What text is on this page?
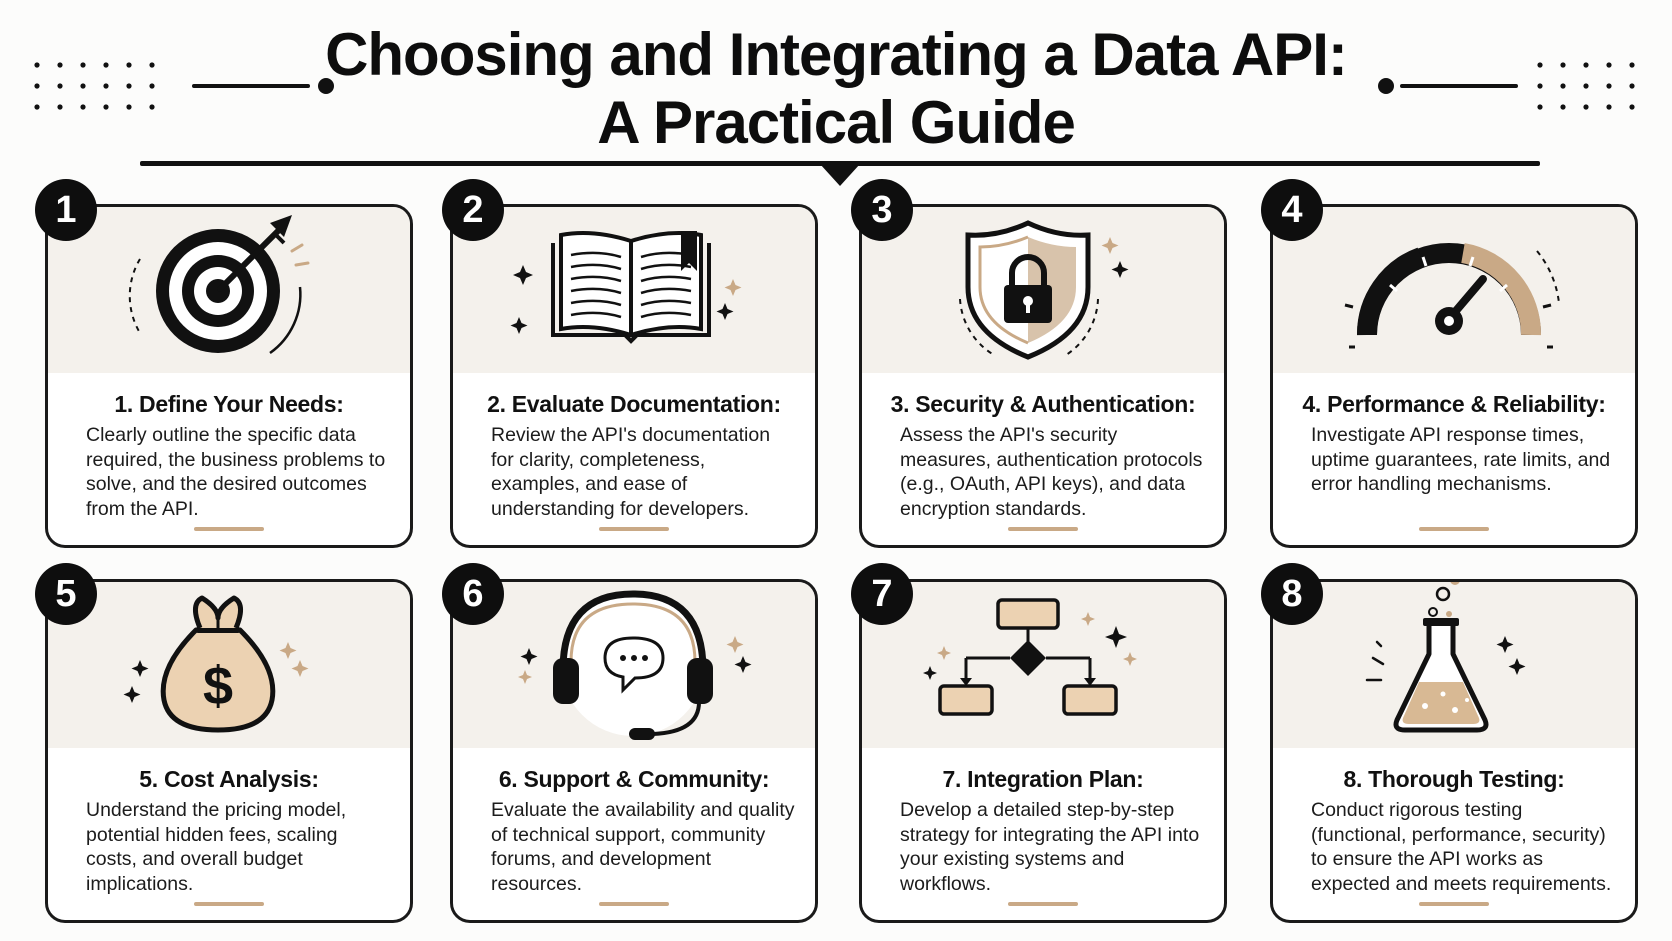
Choosing and Integrating a Data API:
A Practical Guide
1. Define Your Needs:
Clearly outline the specific data required, the business problems to solve, and the desired outcomes from the API.
1
2. Evaluate Documentation:
Review the API's documentation for clarity, completeness, examples, and ease of understanding for developers.
2
3. Security & Authentication:
Assess the API's security measures, authentication protocols (e.g., OAuth, API keys), and data encryption standards.
3
4. Performance & Reliability:
Investigate API response times, uptime guarantees, rate limits, and error handling mechanisms.
4
$
5. Cost Analysis:
Understand the pricing model, potential hidden fees, scaling costs, and overall budget implications.
5
6. Support & Community:
Evaluate the availability and quality of technical support, community forums, and development resources.
6
7. Integration Plan:
Develop a detailed step-by-step strategy for integrating the API into your existing systems and workflows.
7
8. Thorough Testing:
Conduct rigorous testing (functional, performance, security) to ensure the API works as expected and meets requirements.
8
